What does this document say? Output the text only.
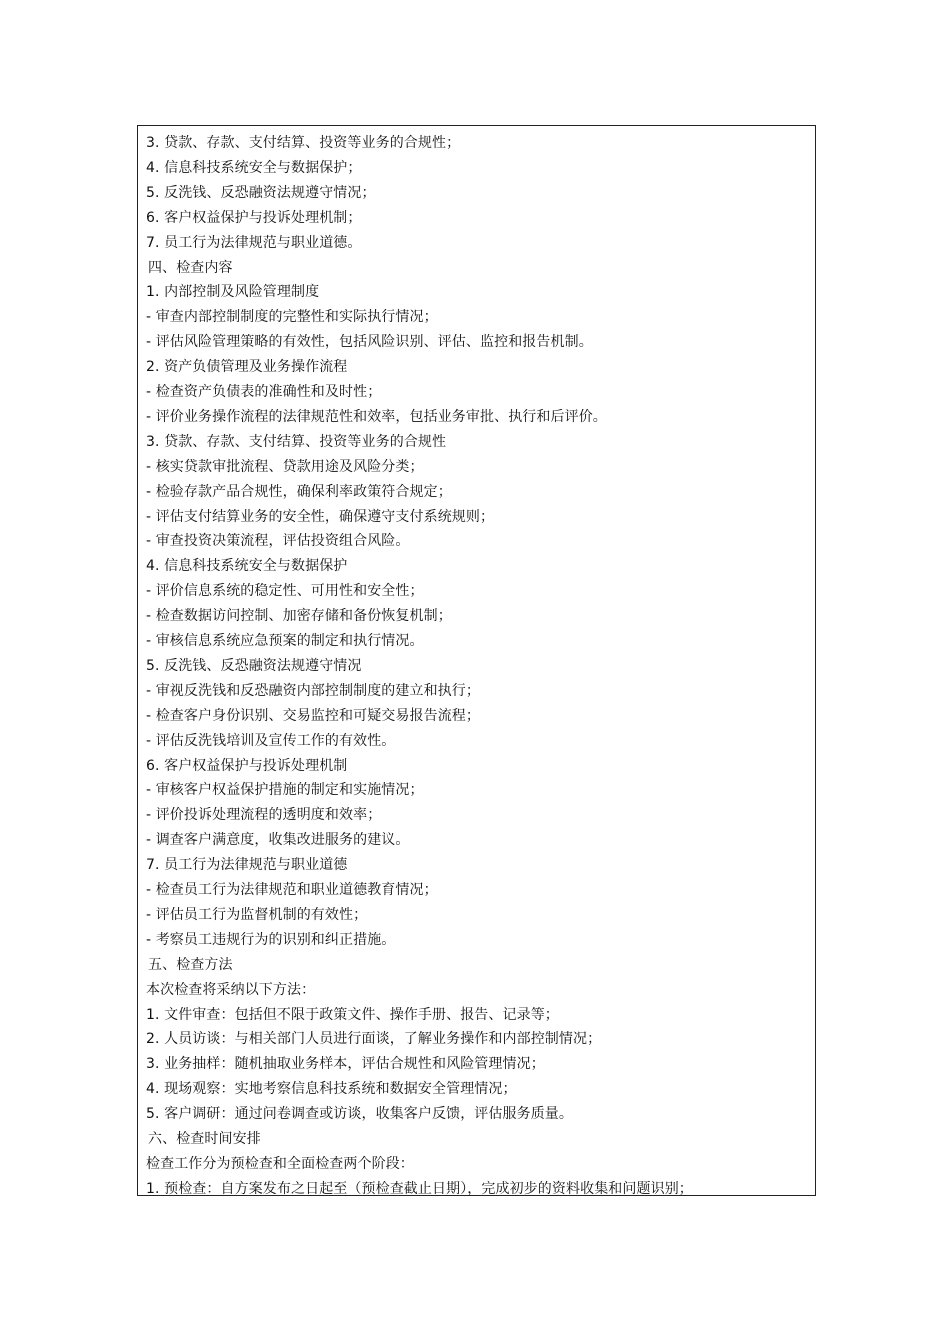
3. 贷款、存款、支付结算、投资等业务的合规性；
4. 信息科技系统安全与数据保护；
5. 反洗钱、反恐融资法规遵守情况；
6. 客户权益保护与投诉处理机制；
7. 员工行为法律规范与职业道德。
四、检查内容
1. 内部控制及风险管理制度
- 审查内部控制制度的完整性和实际执行情况；
- 评估风险管理策略的有效性，包括风险识别、评估、监控和报告机制。
2. 资产负债管理及业务操作流程
- 检查资产负债表的准确性和及时性；
- 评价业务操作流程的法律规范性和效率，包括业务审批、执行和后评价。
3. 贷款、存款、支付结算、投资等业务的合规性
- 核实贷款审批流程、贷款用途及风险分类；
- 检验存款产品合规性，确保利率政策符合规定；
- 评估支付结算业务的安全性，确保遵守支付系统规则；
- 审查投资决策流程，评估投资组合风险。
4. 信息科技系统安全与数据保护
- 评价信息系统的稳定性、可用性和安全性；
- 检查数据访问控制、加密存储和备份恢复机制；
- 审核信息系统应急预案的制定和执行情况。
5. 反洗钱、反恐融资法规遵守情况
- 审视反洗钱和反恐融资内部控制制度的建立和执行；
- 检查客户身份识别、交易监控和可疑交易报告流程；
- 评估反洗钱培训及宣传工作的有效性。
6. 客户权益保护与投诉处理机制
- 审核客户权益保护措施的制定和实施情况；
- 评价投诉处理流程的透明度和效率；
- 调查客户满意度，收集改进服务的建议。
7. 员工行为法律规范与职业道德
- 检查员工行为法律规范和职业道德教育情况；
- 评估员工行为监督机制的有效性；
- 考察员工违规行为的识别和纠正措施。
五、检查方法
本次检查将采纳以下方法：
1. 文件审查：包括但不限于政策文件、操作手册、报告、记录等；
2. 人员访谈：与相关部门人员进行面谈，了解业务操作和内部控制情况；
3. 业务抽样：随机抽取业务样本，评估合规性和风险管理情况；
4. 现场观察：实地考察信息科技系统和数据安全管理情况；
5. 客户调研：通过问卷调查或访谈，收集客户反馈，评估服务质量。
六、检查时间安排
检查工作分为预检查和全面检查两个阶段：
1. 预检查：自方案发布之日起至（预检查截止日期），完成初步的资料收集和问题识别；
